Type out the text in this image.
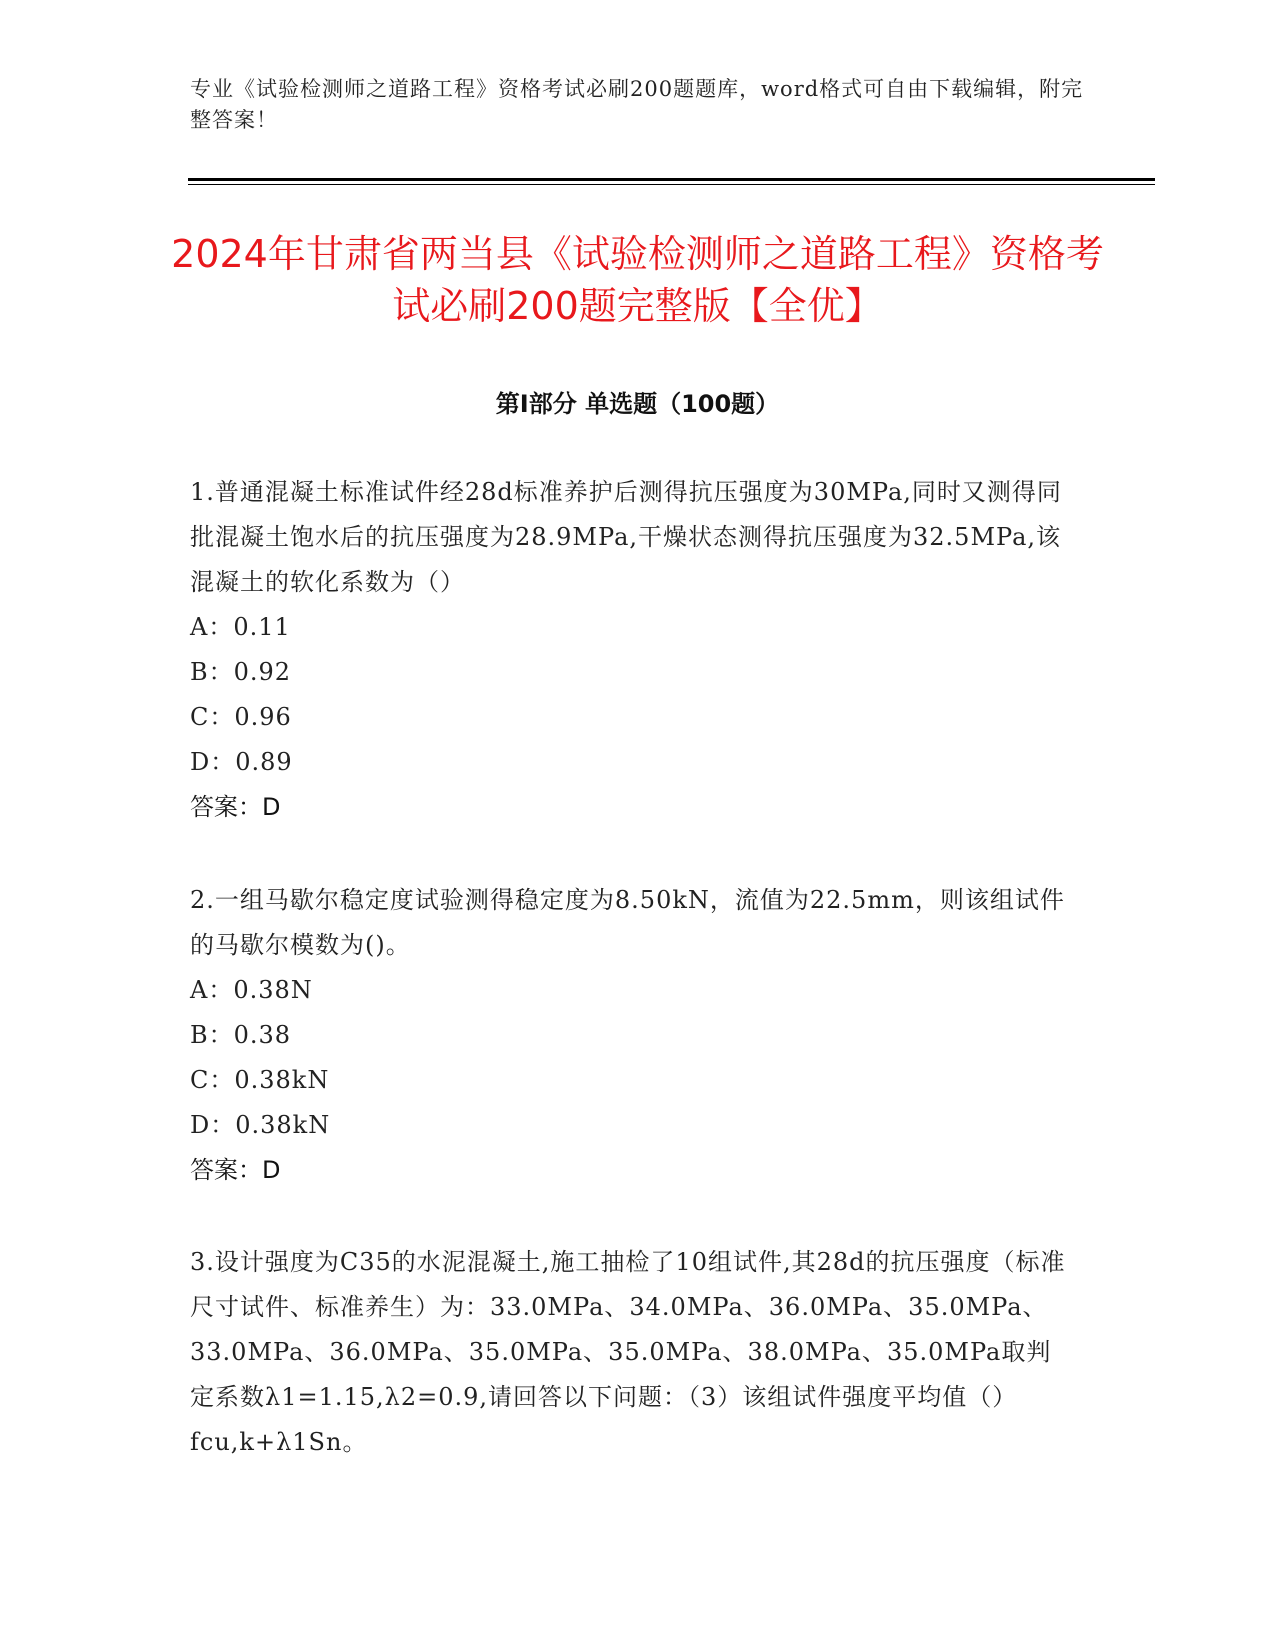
专业《试验检测师之道路工程》资格考试必刷200题题库，word格式可自由下载编辑，附完整答案！
2024年甘肃省两当县《试验检测师之道路工程》资格考试必刷200题完整版【全优】
第I部分 单选题（100题）

1.普通混凝土标准试件经28d标准养护后测得抗压强度为30MPa,同时又测得同批混凝土饱水后的抗压强度为28.9MPa,干燥状态测得抗压强度为32.5MPa,该混凝土的软化系数为（）

A：0.11

B：0.92

C：0.96

D：0.89

答案：D

2.一组马歇尔稳定度试验测得稳定度为8.50kN，流值为22.5mm，则该组试件的马歇尔模数为()。

A：0.38N

B：0.38

C：0.38kN

D：0.38kN

答案：D

3.设计强度为C35的水泥混凝土,施工抽检了10组试件,其28d的抗压强度（标准尺寸试件、标准养生）为：33.0MPa、34.0MPa、36.0MPa、35.0MPa、33.0MPa、36.0MPa、35.0MPa、35.0MPa、38.0MPa、35.0MPa取判定系数λ1=1.15,λ2=0.9,请回答以下问题：（3）该组试件强度平均值（）fcu,k+λ1Sn。
